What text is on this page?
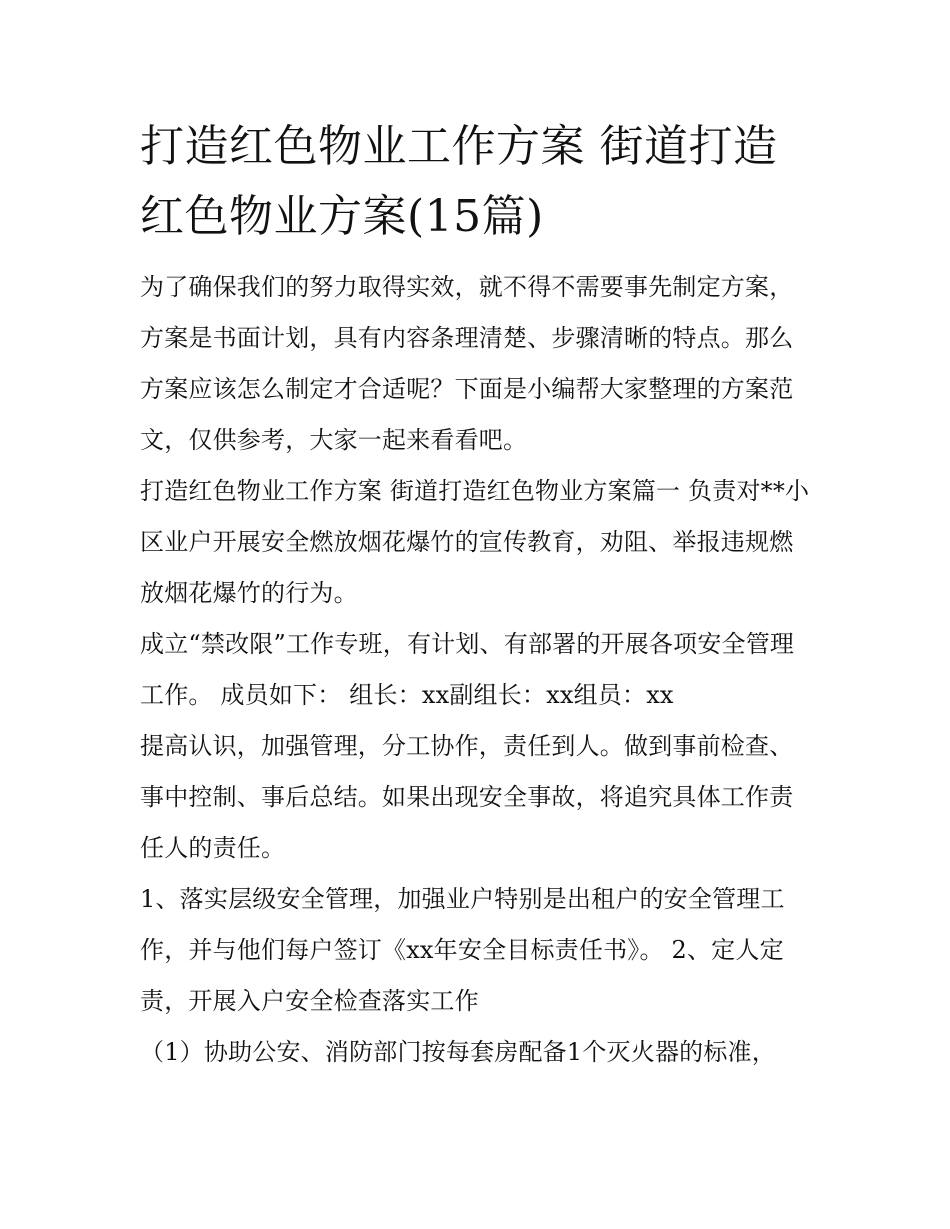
打造红色物业工作方案 街道打造红色物业方案(15篇)

为了确保我们的努力取得实效，就不得不需要事先制定方案，方案是书面计划，具有内容条理清楚、步骤清晰的特点。那么方案应该怎么制定才合适呢？下面是小编帮大家整理的方案范文，仅供参考，大家一起来看看吧。

打造红色物业工作方案 街道打造红色物业方案篇一 负责对**小区业户开展安全燃放烟花爆竹的宣传教育，劝阻、举报违规燃放烟花爆竹的行为。

成立“禁改限”工作专班，有计划、有部署的开展各项安全管理工作。 成员如下： 组长：xx副组长：xx组员：xx

提高认识，加强管理，分工协作，责任到人。做到事前检查、事中控制、事后总结。如果出现安全事故，将追究具体工作责任人的责任。

1、落实层级安全管理，加强业户特别是出租户的安全管理工作，并与他们每户签订《xx年安全目标责任书》。 2、定人定责，开展入户安全检查落实工作

（1）协助公安、消防部门按每套房配备1个灭火器的标准，
